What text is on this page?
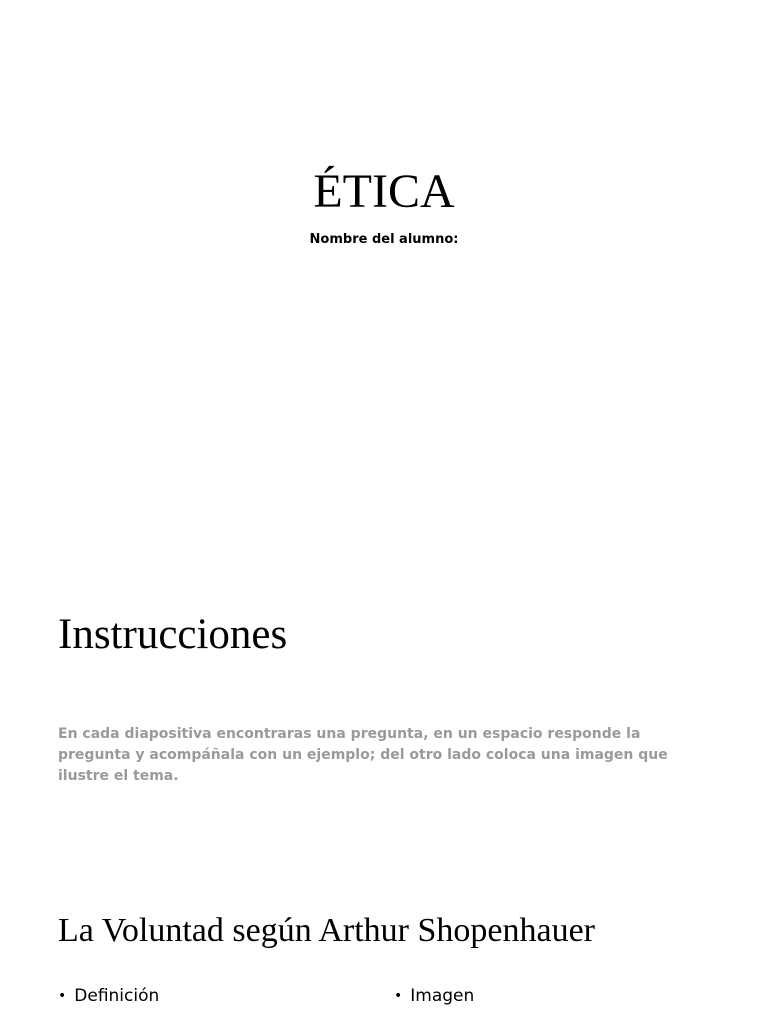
ÉTICA

Nombre del alumno:

Instrucciones

En cada diapositiva encontraras una pregunta, en un espacio responde la pregunta y acompáñala con un ejemplo; del otro lado coloca una imagen que ilustre el tema.

La Voluntad según Arthur Shopenhauer
• Definición	• Imagen
